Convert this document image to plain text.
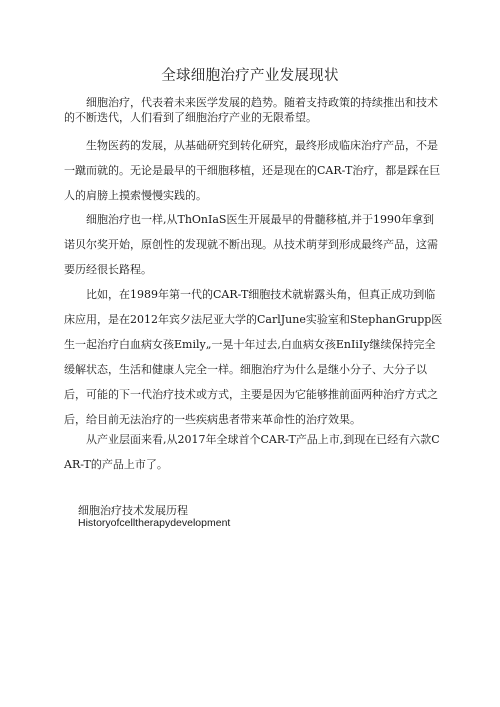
全球细胞治疗产业发展现状

细胞治疗，代表着未来医学发展的趋势。随着支持政策的持续推出和技术的不断迭代，人们看到了细胞治疗产业的无限希望。

生物医药的发展，从基础研究到转化研究，最终形成临床治疗产品，不是一蹴而就的。无论是最早的干细胞移植，还是现在的CAR-T治疗，都是踩在巨人的肩膀上摸索慢慢实践的。

细胞治疗也一样,从ThOnIaS医生开展最早的骨髓移植,并于1990年拿到诺贝尔奖开始，原创性的发现就不断出现。从技术萌芽到形成最终产品，这需要历经很长路程。

比如，在1989年第一代的CAR-T细胞技术就崭露头角，但真正成功到临床应用，是在2012年宾夕法尼亚大学的CarlJune实验室和StephanGrupp医生一起治疗白血病女孩Emily„一晃十年过去,白血病女孩EnIiIy继续保持完全缓解状态，生活和健康人完全一样。细胞治疗为什么是继小分子、大分子以后，可能的下一代治疗技术或方式，主要是因为它能够推前面两种治疗方式之后，给目前无法治疗的一些疾病患者带来革命性的治疗效果。

从产业层面来看,从2017年全球首个CAR-T产品上市,到现在已经有六款CAR-T的产品上市了。

细胞治疗技术发展历程
Historyofcelltherapydevelopment
